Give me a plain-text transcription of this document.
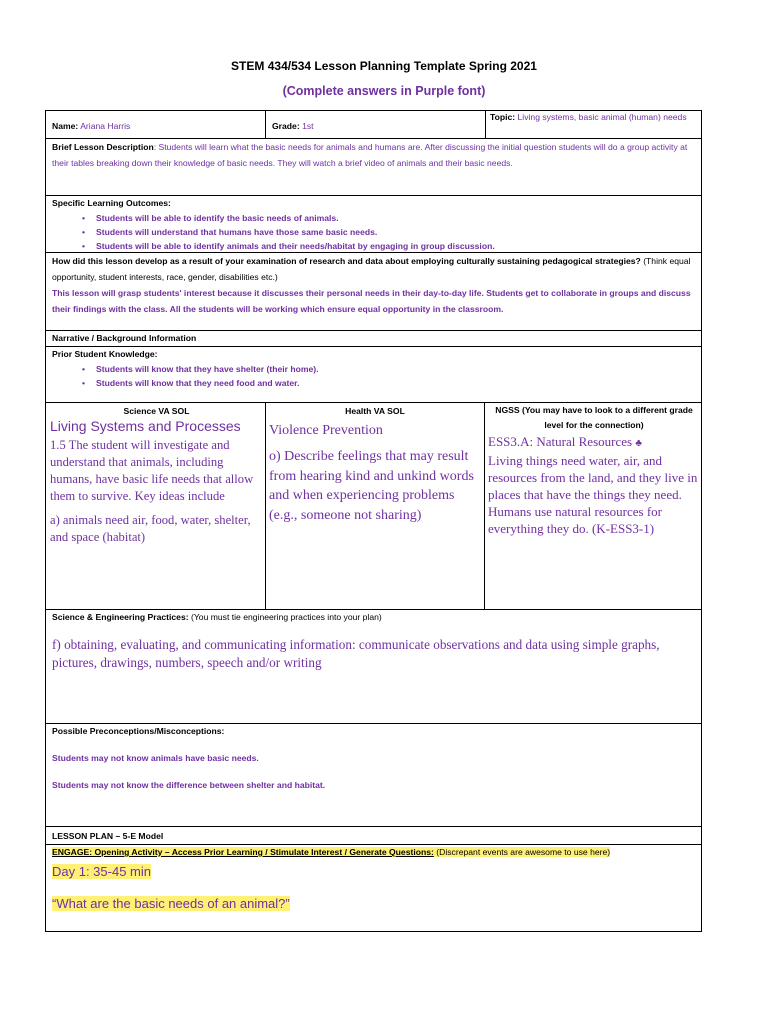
STEM 434/534 Lesson Planning Template Spring 2021
(Complete answers in Purple font)
Name: Ariana Harris	Grade: 1st
Topic: Living systems, basic animal (human) needs
Brief Lesson Description: Students will learn what the basic needs for animals and humans are. After discussing the initial question students will do a group activity at their tables breaking down their knowledge of basic needs. They will watch a brief video of animals and their basic needs.
Specific Learning Outcomes:
• Students will be able to identify the basic needs of animals.
• Students will understand that humans have those same basic needs.
• Students will be able to identify animals and their needs/habitat by engaging in group discussion.
How did this lesson develop as a result of your examination of research and data about employing culturally sustaining pedagogical strategies? (Think equal opportunity, student interests, race, gender, disabilities etc.)
This lesson will grasp students' interest because it discusses their personal needs in their day-to-day life. Students get to collaborate in groups and discuss their findings with the class. All the students will be working which ensure equal opportunity in the classroom.
Narrative / Background Information
Prior Student Knowledge:
• Students will know that they have shelter (their home).
• Students will know that they need food and water.
Science VA SOL
Living Systems and Processes
1.5 The student will investigate and understand that animals, including humans, have basic life needs that allow them to survive. Key ideas include
a) animals need air, food, water, shelter, and space (habitat)
Health VA SOL
Violence Prevention
o) Describe feelings that may result from hearing kind and unkind words and when experiencing problems (e.g., someone not sharing)
NGSS (You may have to look to a different grade level for the connection)
ESS3.A: Natural Resources ♣
Living things need water, air, and resources from the land, and they live in places that have the things they need. Humans use natural resources for everything they do. (K-ESS3-1)
Science & Engineering Practices: (You must tie engineering practices into your plan)
f) obtaining, evaluating, and communicating information: communicate observations and data using simple graphs, pictures, drawings, numbers, speech and/or writing
Possible Preconceptions/Misconceptions:
Students may not know animals have basic needs.
Students may not know the difference between shelter and habitat.
LESSON PLAN – 5-E Model
ENGAGE: Opening Activity – Access Prior Learning / Stimulate Interest / Generate Questions: (Discrepant events are awesome to use here)
Day 1: 35-45 min
“What are the basic needs of an animal?”
